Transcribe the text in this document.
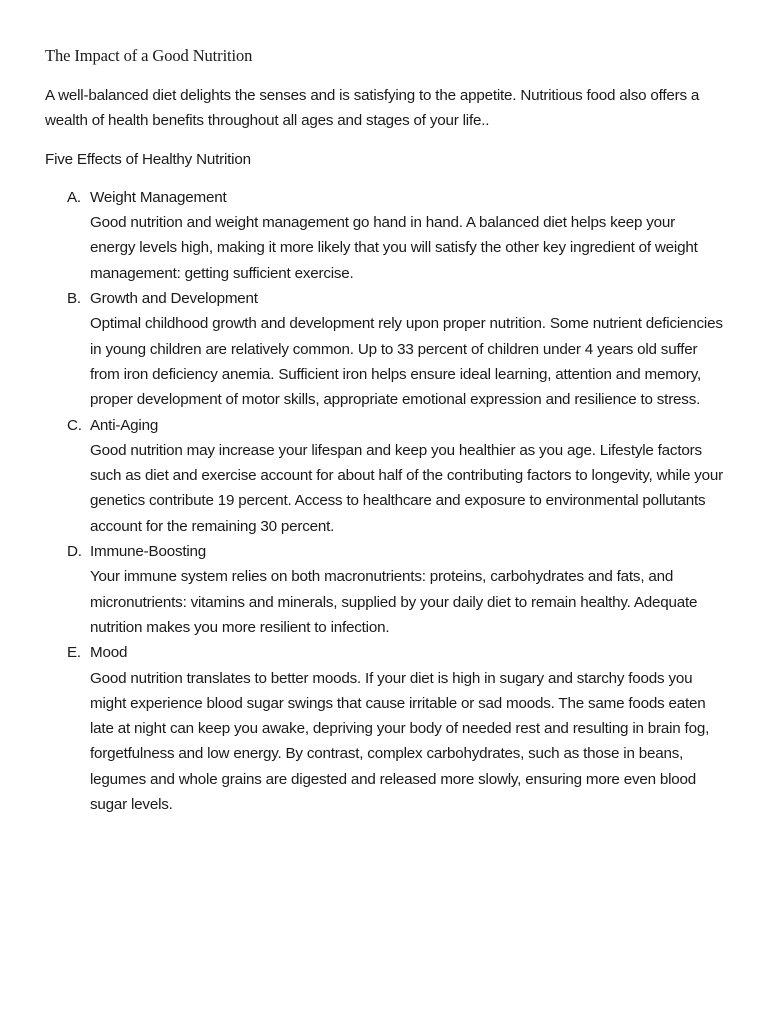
The Impact of a Good Nutrition

A well-balanced diet delights the senses and is satisfying to the appetite. Nutritious food also offers a wealth of health benefits throughout all ages and stages of your life..

Five Effects of Healthy Nutrition

A. Weight Management
Good nutrition and weight management go hand in hand. A balanced diet helps keep your energy levels high, making it more likely that you will satisfy the other key ingredient of weight management: getting sufficient exercise.
B. Growth and Development
Optimal childhood growth and development rely upon proper nutrition. Some nutrient deficiencies in young children are relatively common. Up to 33 percent of children under 4 years old suffer from iron deficiency anemia. Sufficient iron helps ensure ideal learning, attention and memory, proper development of motor skills, appropriate emotional expression and resilience to stress.
C. Anti-Aging
Good nutrition may increase your lifespan and keep you healthier as you age. Lifestyle factors such as diet and exercise account for about half of the contributing factors to longevity, while your genetics contribute 19 percent. Access to healthcare and exposure to environmental pollutants account for the remaining 30 percent.
D. Immune-Boosting
Your immune system relies on both macronutrients: proteins, carbohydrates and fats, and micronutrients: vitamins and minerals, supplied by your daily diet to remain healthy. Adequate nutrition makes you more resilient to infection.
E. Mood
Good nutrition translates to better moods. If your diet is high in sugary and starchy foods you might experience blood sugar swings that cause irritable or sad moods. The same foods eaten late at night can keep you awake, depriving your body of needed rest and resulting in brain fog, forgetfulness and low energy. By contrast, complex carbohydrates, such as those in beans, legumes and whole grains are digested and released more slowly, ensuring more even blood sugar levels.
